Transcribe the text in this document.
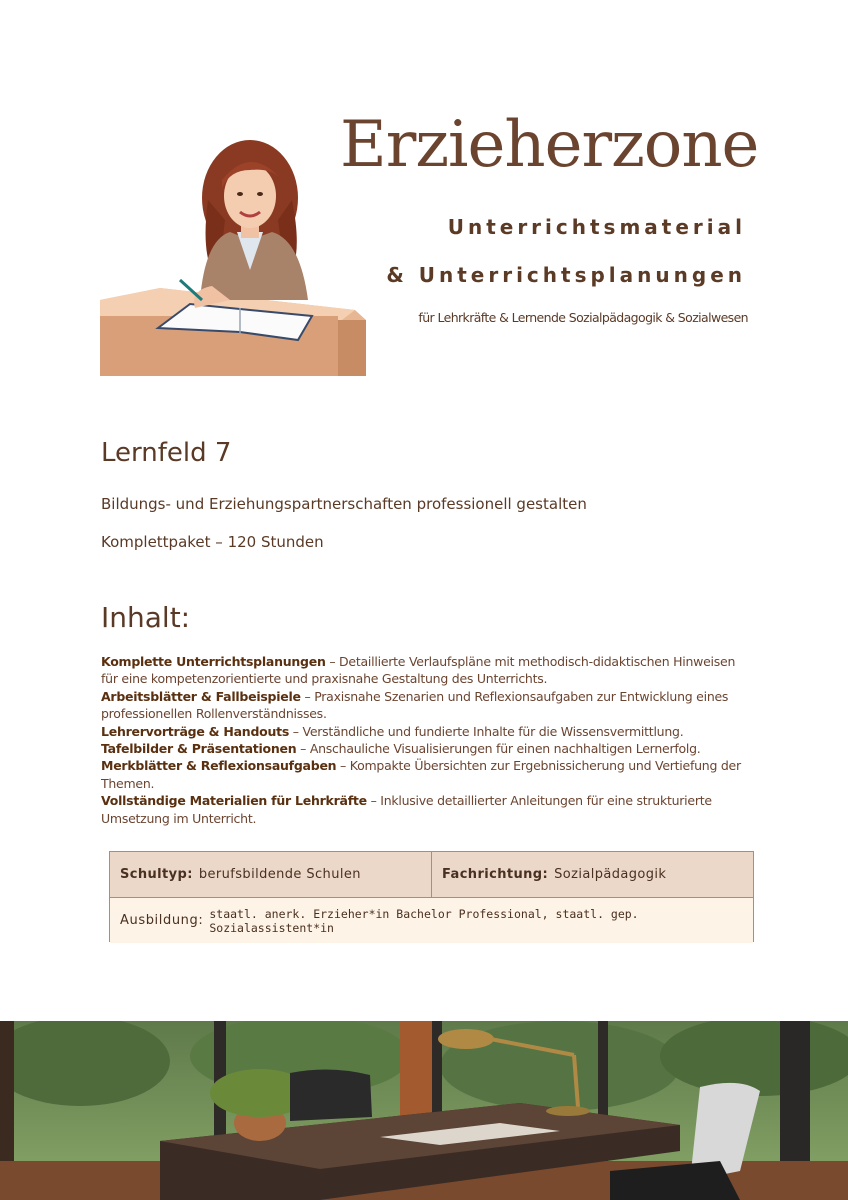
Erzieherzone
Unterrichtsmaterial
& Unterrichtsplanungen
für Lehrkräfte & Lernende Sozialpädagogik & Sozialwesen
Lernfeld 7
Bildungs- und Erziehungspartnerschaften professionell gestalten
Komplettpaket – 120 Stunden
Inhalt:
Komplette Unterrichtsplanungen – Detaillierte Verlaufspläne mit methodisch-didaktischen Hinweisen für eine kompetenzorientierte und praxisnahe Gestaltung des Unterrichts.
Arbeitsblätter & Fallbeispiele – Praxisnahe Szenarien und Reflexionsaufgaben zur Entwicklung eines professionellen Rollenverständnisses.
Lehrervorträge & Handouts – Verständliche und fundierte Inhalte für die Wissensvermittlung.
Tafelbilder & Präsentationen – Anschauliche Visualisierungen für einen nachhaltigen Lernerfolg.
Merkblätter & Reflexionsaufgaben – Kompakte Übersichten zur Ergebnissicherung und Vertiefung der Themen.
Vollständige Materialien für Lehrkräfte – Inklusive detaillierter Anleitungen für eine strukturierte Umsetzung im Unterricht.
Schultyp: berufsbildende Schulen	Fachrichtung: Sozialpädagogik
Ausbildung: staatl. anerk. Erzieher*in Bachelor Professional, staatl. gep. Sozialassistent*in
